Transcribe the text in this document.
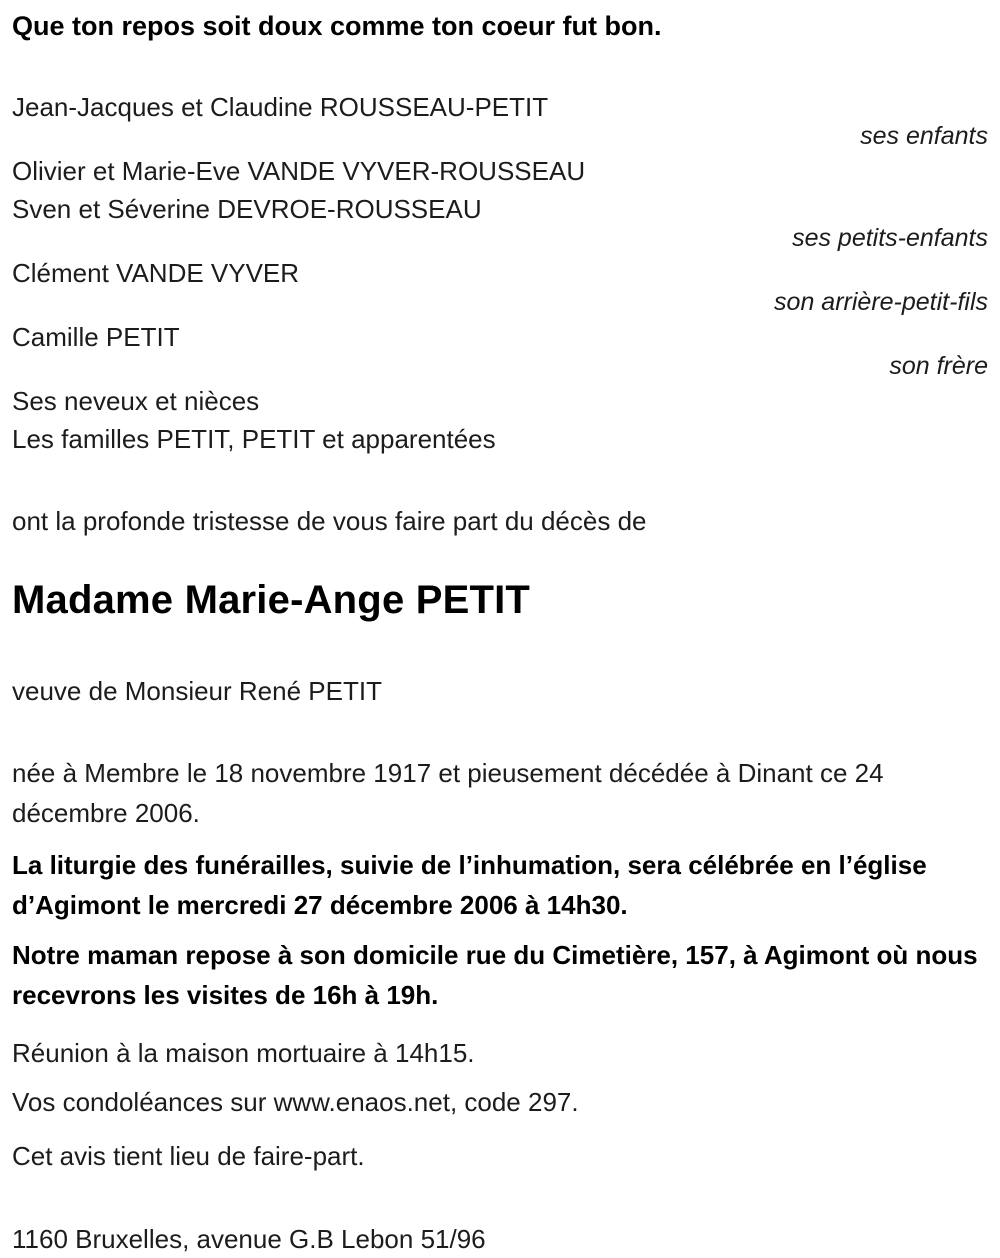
Que ton repos soit doux comme ton coeur fut bon.

Jean-Jacques et Claudine ROUSSEAU-PETIT

ses enfants

Olivier et Marie-Eve VANDE VYVER-ROUSSEAU

Sven et Séverine DEVROE-ROUSSEAU

ses petits-enfants

Clément VANDE VYVER

son arrière-petit-fils

Camille PETIT

son frère

Ses neveux et nièces

Les familles PETIT, PETIT et apparentées

ont la profonde tristesse de vous faire part du décès de

Madame Marie-Ange PETIT

veuve de Monsieur René PETIT

née à Membre le 18 novembre 1917 et pieusement décédée à Dinant ce 24 décembre 2006.

La liturgie des funérailles, suivie de l’inhumation, sera célébrée en l’église d’Agimont le mercredi 27 décembre 2006 à 14h30.

Notre maman repose à son domicile rue du Cimetière, 157, à Agimont où nous recevrons les visites de 16h à 19h.

Réunion à la maison mortuaire à 14h15.

Vos condoléances sur www.enaos.net, code 297.

Cet avis tient lieu de faire-part.

1160 Bruxelles, avenue G.B Lebon 51/96
